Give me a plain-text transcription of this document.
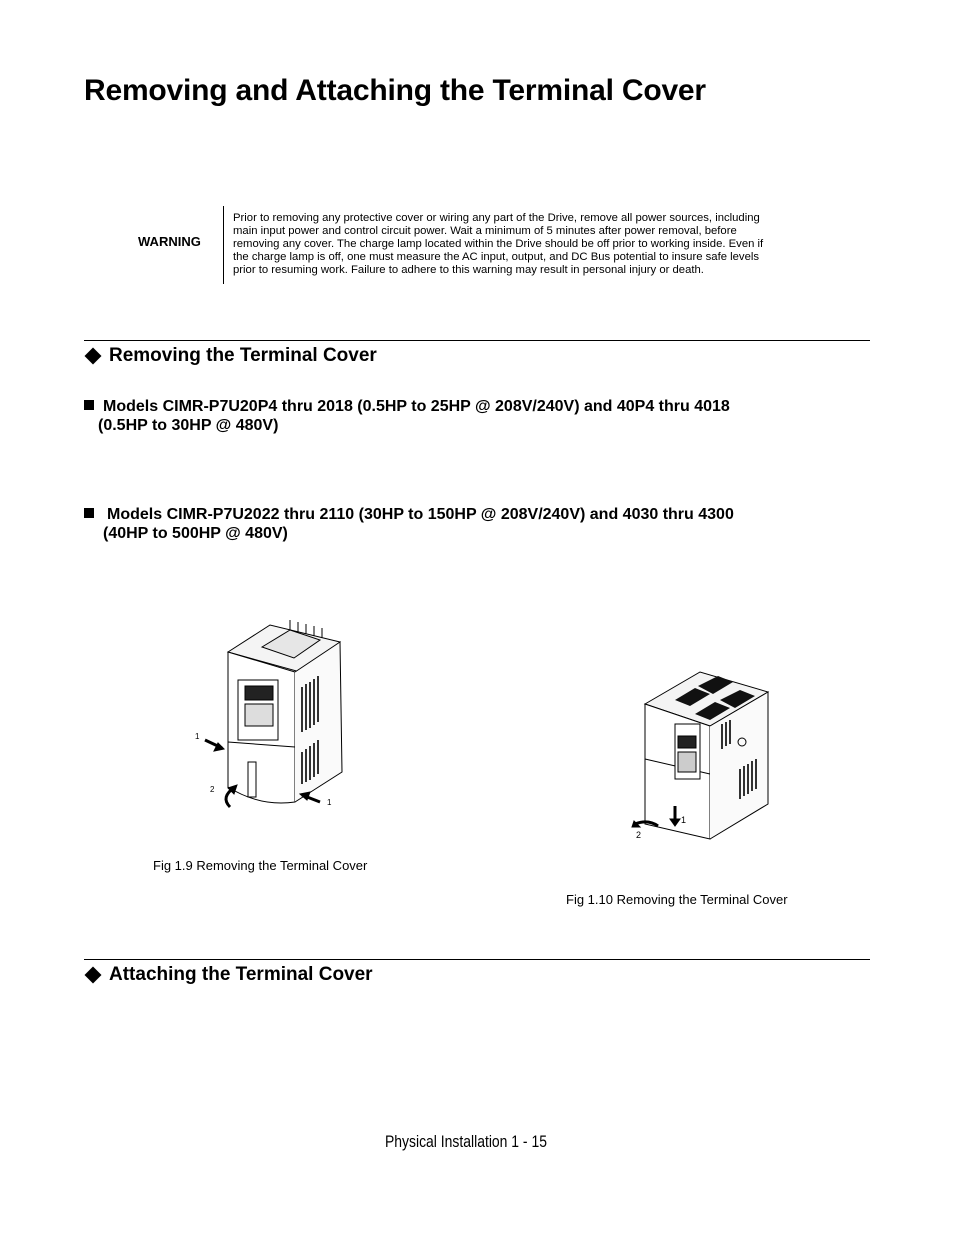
Removing and Attaching the Terminal Cover
WARNING
Prior to removing any protective cover or wiring any part of the Drive, remove all power sources, including
main input power and control circuit power. Wait a minimum of 5 minutes after power removal, before
removing any cover. The charge lamp located within the Drive should be off prior to working inside. Even if
the charge lamp is off, one must measure the AC input, output, and DC Bus potential to insure safe levels
prior to resuming work. Failure to adhere to this warning may result in personal injury or death.
Removing the Terminal Cover
Models CIMR-P7U20P4 thru 2018 (0.5HP to 25HP @ 208V/240V) and 40P4 thru 4018
(0.5HP to 30HP @ 480V)
Models CIMR-P7U2022 thru 2110 (30HP to 150HP @ 208V/240V) and 4030 thru 4300
(40HP to 500HP @ 480V)
1
2
1
Fig 1.9 Removing the Terminal Cover
1
2
Fig 1.10 Removing the Terminal Cover
Attaching the Terminal Cover
Physical Installation 1 - 15
